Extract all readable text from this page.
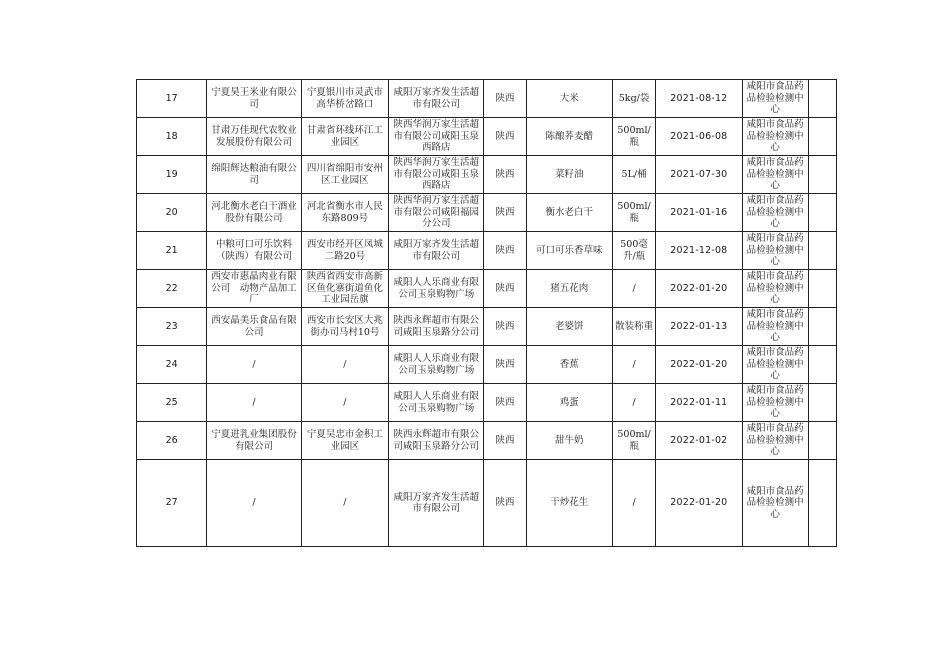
17	宁夏昊王米业有限公司	宁夏银川市灵武市高华桥岔路口	咸阳万家齐发生活超市有限公司	陕西	大米	5kg/袋	2021-08-12	咸阳市食品药品检验检测中心	
18	甘肃万佳现代农牧业发展股份有限公司	甘肃省环线环江工业园区	陕西华润万家生活超市有限公司咸阳玉泉西路店	陕西	陈酿荞麦醋	500ml/瓶	2021-06-08	咸阳市食品药品检验检测中心	
19	绵阳辉达粮油有限公司	四川省绵阳市安州区工业园区	陕西华润万家生活超市有限公司咸阳玉泉西路店	陕西	菜籽油	5L/桶	2021-07-30	咸阳市食品药品检验检测中心	
20	河北衡水老白干酒业股份有限公司	河北省衡水市人民东路809号	陕西华润万家生活超市有限公司咸阳福园分公司	陕西	衡水老白干	500ml/瓶	2021-01-16	咸阳市食品药品检验检测中心	
21	中粮可口可乐饮料（陕西）有限公司	西安市经开区凤城二路20号	咸阳万家齐发生活超市有限公司	陕西	可口可乐香草味	500毫升/瓶	2021-12-08	咸阳市食品药品检验检测中心	
22	西安市惠晶肉业有限公司　动物产品加工厂	陕西省西安市高新区鱼化寨街道鱼化工业园岳旗	咸阳人人乐商业有限公司玉泉购物广场	陕西	猪五花肉	/	2022-01-20	咸阳市食品药品检验检测中心	
23	西安晶美乐食品有限公司	西安市长安区大兆街办司马村10号	陕西永辉超市有限公司咸阳玉泉路分公司	陕西	老婆饼	散装称重	2022-01-13	咸阳市食品药品检验检测中心	
24	/	/	咸阳人人乐商业有限公司玉泉购物广场	陕西	香蕉	/	2022-01-20	咸阳市食品药品检验检测中心	
25	/	/	咸阳人人乐商业有限公司玉泉购物广场	陕西	鸡蛋	/	2022-01-11	咸阳市食品药品检验检测中心	
26	宁夏进乳业集团股份有限公司	宁夏吴忠市金积工业园区	陕西永辉超市有限公司咸阳玉泉路分公司	陕西	甜牛奶	500ml/瓶	2022-01-02	咸阳市食品药品检验检测中心	
27	/	/	咸阳万家齐发生活超市有限公司	陕西	干炒花生	/	2022-01-20	咸阳市食品药品检验检测中心	
